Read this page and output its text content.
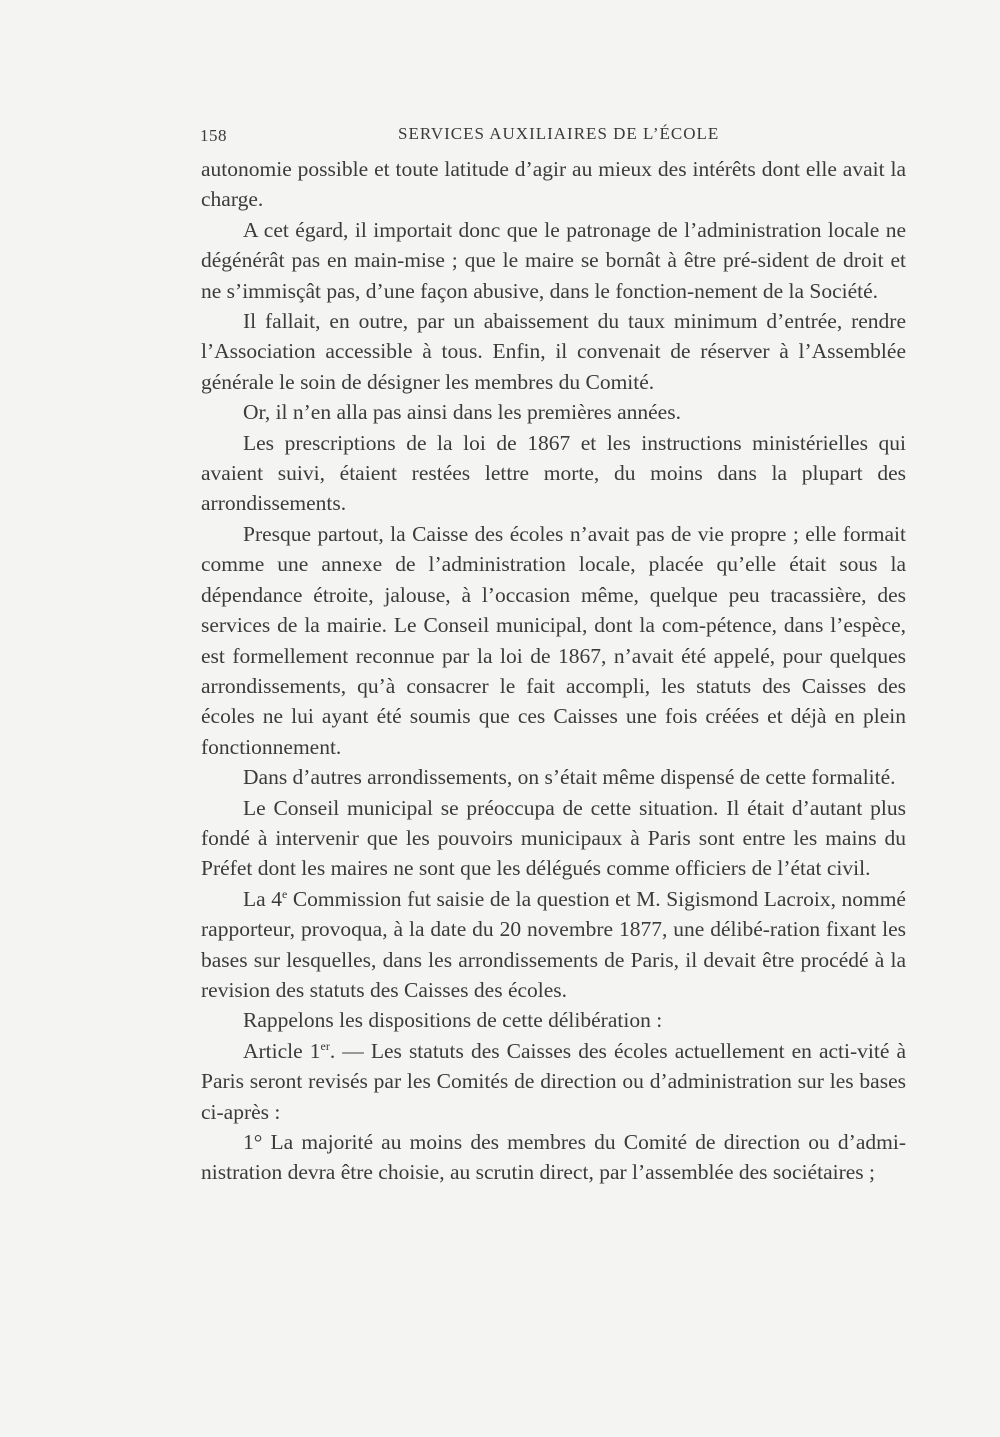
158	SERVICES AUXILIAIRES DE L’ÉCOLE

autonomie possible et toute latitude d’agir au mieux des intérêts dont elle avait la charge.

A cet égard, il importait donc que le patronage de l’administration locale ne dégénérât pas en main-mise ; que le maire se bornât à être pré-sident de droit et ne s’immisçât pas, d’une façon abusive, dans le fonction-nement de la Société.

Il fallait, en outre, par un abaissement du taux minimum d’entrée, rendre l’Association accessible à tous. Enfin, il convenait de réserver à l’Assemblée générale le soin de désigner les membres du Comité.

Or, il n’en alla pas ainsi dans les premières années.

Les prescriptions de la loi de 1867 et les instructions ministérielles qui avaient suivi, étaient restées lettre morte, du moins dans la plupart des arrondissements.

Presque partout, la Caisse des écoles n’avait pas de vie propre ; elle formait comme une annexe de l’administration locale, placée qu’elle était sous la dépendance étroite, jalouse, à l’occasion même, quelque peu tracassière, des services de la mairie. Le Conseil municipal, dont la com-pétence, dans l’espèce, est formellement reconnue par la loi de 1867, n’avait été appelé, pour quelques arrondissements, qu’à consacrer le fait accompli, les statuts des Caisses des écoles ne lui ayant été soumis que ces Caisses une fois créées et déjà en plein fonctionnement.

Dans d’autres arrondissements, on s’était même dispensé de cette formalité.

Le Conseil municipal se préoccupa de cette situation. Il était d’autant plus fondé à intervenir que les pouvoirs municipaux à Paris sont entre les mains du Préfet dont les maires ne sont que les délégués comme officiers de l’état civil.

La 4e Commission fut saisie de la question et M. Sigismond Lacroix, nommé rapporteur, provoqua, à la date du 20 novembre 1877, une délibé-ration fixant les bases sur lesquelles, dans les arrondissements de Paris, il devait être procédé à la revision des statuts des Caisses des écoles.

Rappelons les dispositions de cette délibération :

Article 1er. — Les statuts des Caisses des écoles actuellement en acti-vité à Paris seront revisés par les Comités de direction ou d’administration sur les bases ci-après :

1° La majorité au moins des membres du Comité de direction ou d’admi-nistration devra être choisie, au scrutin direct, par l’assemblée des sociétaires ;
